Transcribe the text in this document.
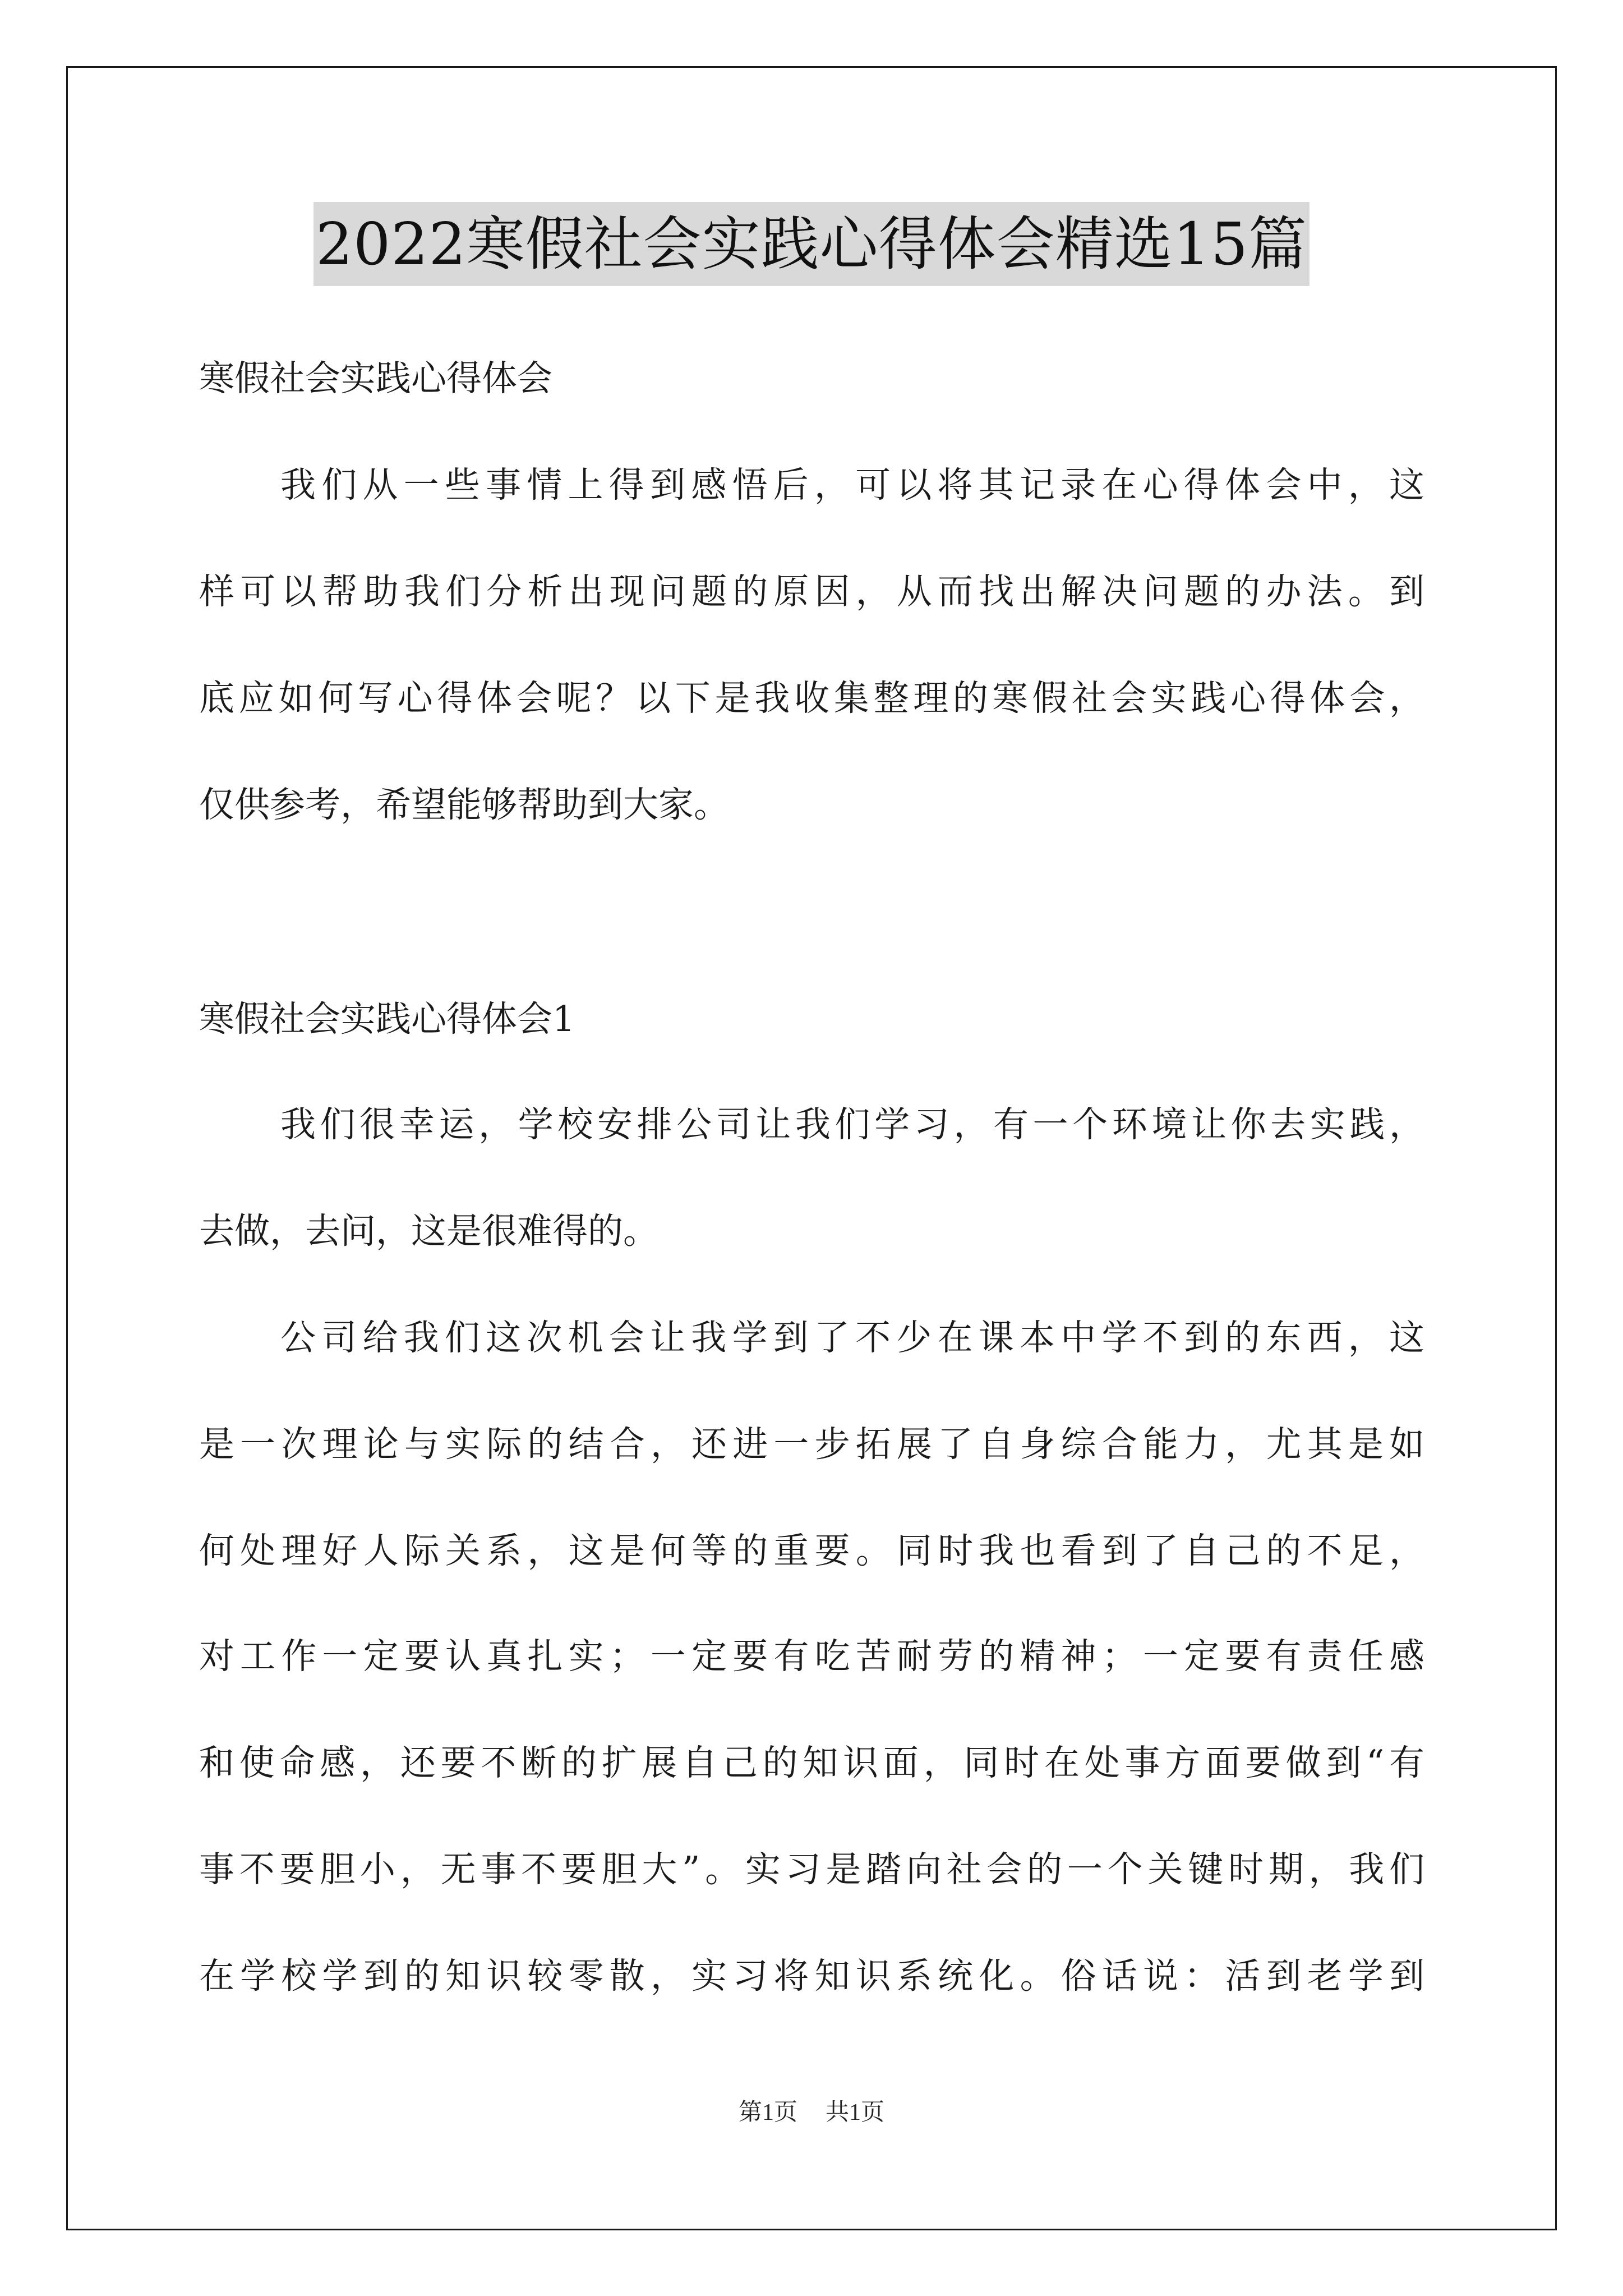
2022寒假社会实践心得体会精选15篇
寒假社会实践心得体会
我们从一些事情上得到感悟后，可以将其记录在心得体会中，这
样可以帮助我们分析出现问题的原因，从而找出解决问题的办法。到
底应如何写心得体会呢？以下是我收集整理的寒假社会实践心得体会，
仅供参考，希望能够帮助到大家。
寒假社会实践心得体会1
我们很幸运，学校安排公司让我们学习，有一个环境让你去实践，
去做，去问，这是很难得的。
公司给我们这次机会让我学到了不少在课本中学不到的东西，这
是一次理论与实际的结合，还进一步拓展了自身综合能力，尤其是如
何处理好人际关系，这是何等的重要。同时我也看到了自己的不足，
对工作一定要认真扎实；一定要有吃苦耐劳的精神；一定要有责任感
和使命感，还要不断的扩展自己的知识面，同时在处事方面要做到“有
事不要胆小，无事不要胆大”。实习是踏向社会的一个关键时期，我们
在学校学到的知识较零散，实习将知识系统化。俗话说：活到老学到
第1页 共1页
